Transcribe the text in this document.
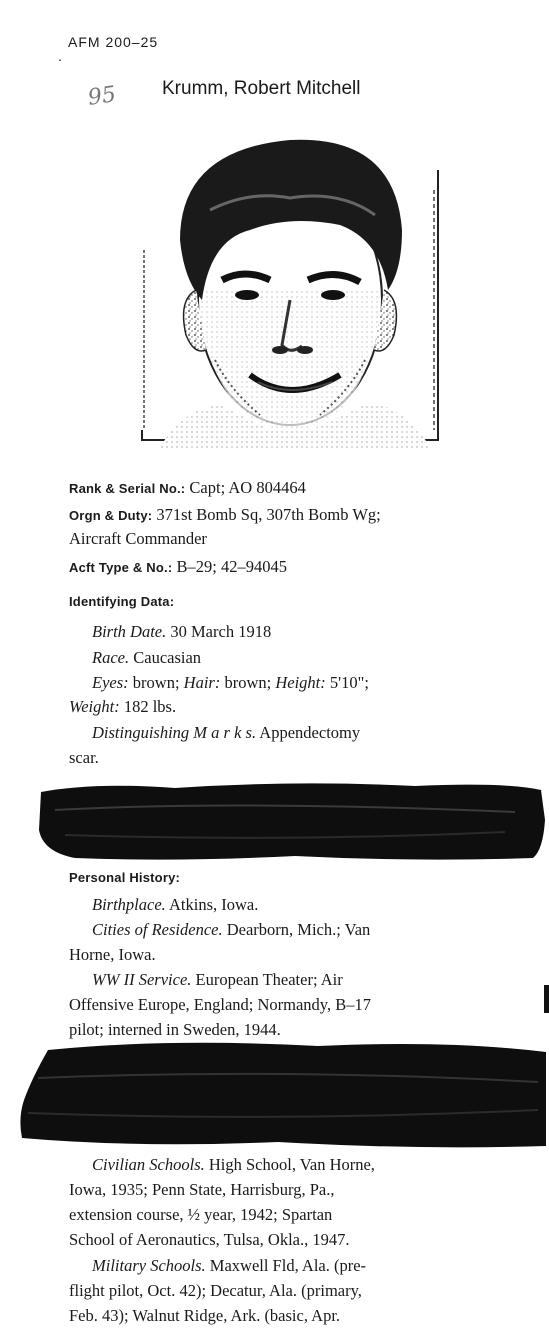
.
AFM 200–25
95 Krumm, Robert Mitchell
Rank & Serial No.: Capt; AO 804464
Orgn & Duty: 371st Bomb Sq, 307th Bomb Wg;
Aircraft Commander
Acft Type & No.: B–29; 42–94045
Identifying Data:
Birth Date. 30 March 1918
Race. Caucasian
Eyes: brown; Hair: brown; Height: 5'10";
Weight: 182 lbs.
Distinguishing M a r k s. Appendectomy
scar.
Personal History:
Birthplace. Atkins, Iowa.
Cities of Residence. Dearborn, Mich.; Van
Horne, Iowa.
WW II Service. European Theater; Air
Offensive Europe, England; Normandy, B–17
pilot; interned in Sweden, 1944.
Civilian Schools. High School, Van Horne,
Iowa, 1935; Penn State, Harrisburg, Pa.,
extension course, ½ year, 1942; Spartan
School of Aeronautics, Tulsa, Okla., 1947.
Military Schools. Maxwell Fld, Ala. (pre-
flight pilot, Oct. 42); Decatur, Ala. (primary,
Feb. 43); Walnut Ridge, Ark. (basic, Apr.
